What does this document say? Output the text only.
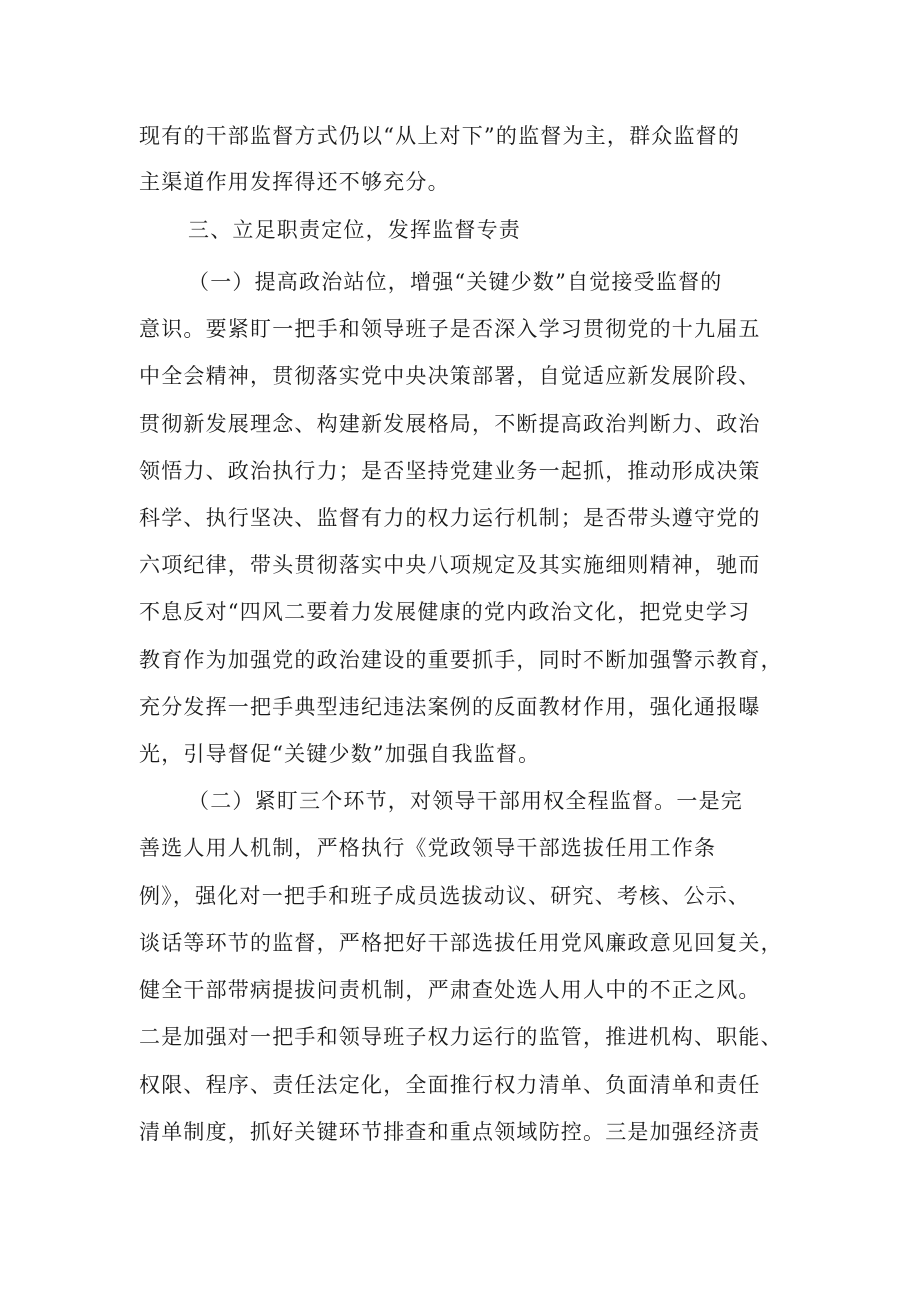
现有的干部监督方式仍以“从上对下”的监督为主，群众监督的
主渠道作用发挥得还不够充分。
三、立足职责定位，发挥监督专责
（一）提高政治站位，增强“关键少数”自觉接受监督的
意识。要紧盯一把手和领导班子是否深入学习贯彻党的十九届五
中全会精神，贯彻落实党中央决策部署，自觉适应新发展阶段、
贯彻新发展理念、构建新发展格局，不断提高政治判断力、政治
领悟力、政治执行力；是否坚持党建业务一起抓，推动形成决策
科学、执行坚决、监督有力的权力运行机制；是否带头遵守党的
六项纪律，带头贯彻落实中央八项规定及其实施细则精神，驰而
不息反对“四风二要着力发展健康的党内政治文化，把党史学习
教育作为加强党的政治建设的重要抓手，同时不断加强警示教育，
充分发挥一把手典型违纪违法案例的反面教材作用，强化通报曝
光，引导督促“关键少数”加强自我监督。
（二）紧盯三个环节，对领导干部用权全程监督。一是完
善选人用人机制，严格执行《党政领导干部选拔任用工作条
例》，强化对一把手和班子成员选拔动议、研究、考核、公示、
谈话等环节的监督，严格把好干部选拔任用党风廉政意见回复关，
健全干部带病提拔问责机制，严肃查处选人用人中的不正之风。
二是加强对一把手和领导班子权力运行的监管，推进机构、职能、
权限、程序、责任法定化，全面推行权力清单、负面清单和责任
清单制度，抓好关键环节排查和重点领域防控。三是加强经济责
